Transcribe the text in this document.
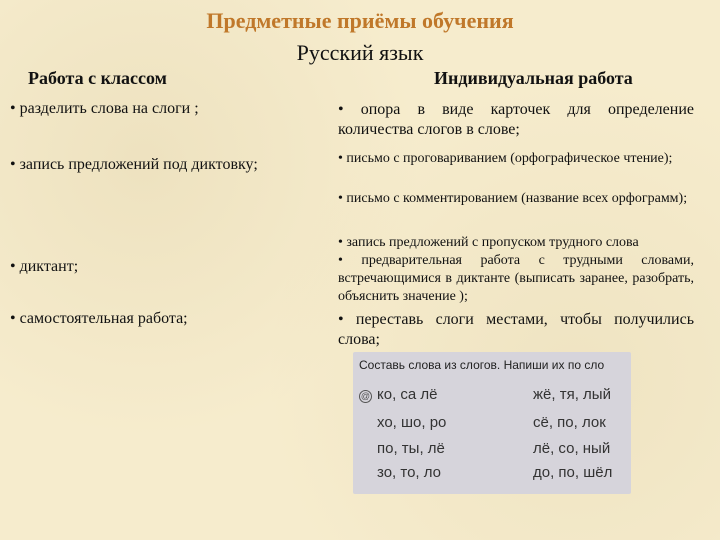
Предметные приёмы обучения
Русский язык
Работа с классом	Индивидуальная работа

• разделить слова на слоги ;

• запись предложений под диктовку;

• диктант;

• самостоятельная работа;

• опора в виде карточек для определение количества слогов в слове;

• письмо с проговариванием (орфографическое чтение);

• письмо с комментированием (название всех орфограмм);

• запись предложений с пропуском трудного слова

• предварительная работа с трудными словами, встречающимися в диктанте (выписать заранее, разобрать, объяснить значение );

• переставь слоги местами, чтобы получились слова;

Составь слова из слогов. Напиши их по сло
@ ко, са лё
хо, шо, ро
по, ты, лё
зо, то, ло
жё, тя, лый
сё, по, лок
лё, со, ный
до, по, шёл
